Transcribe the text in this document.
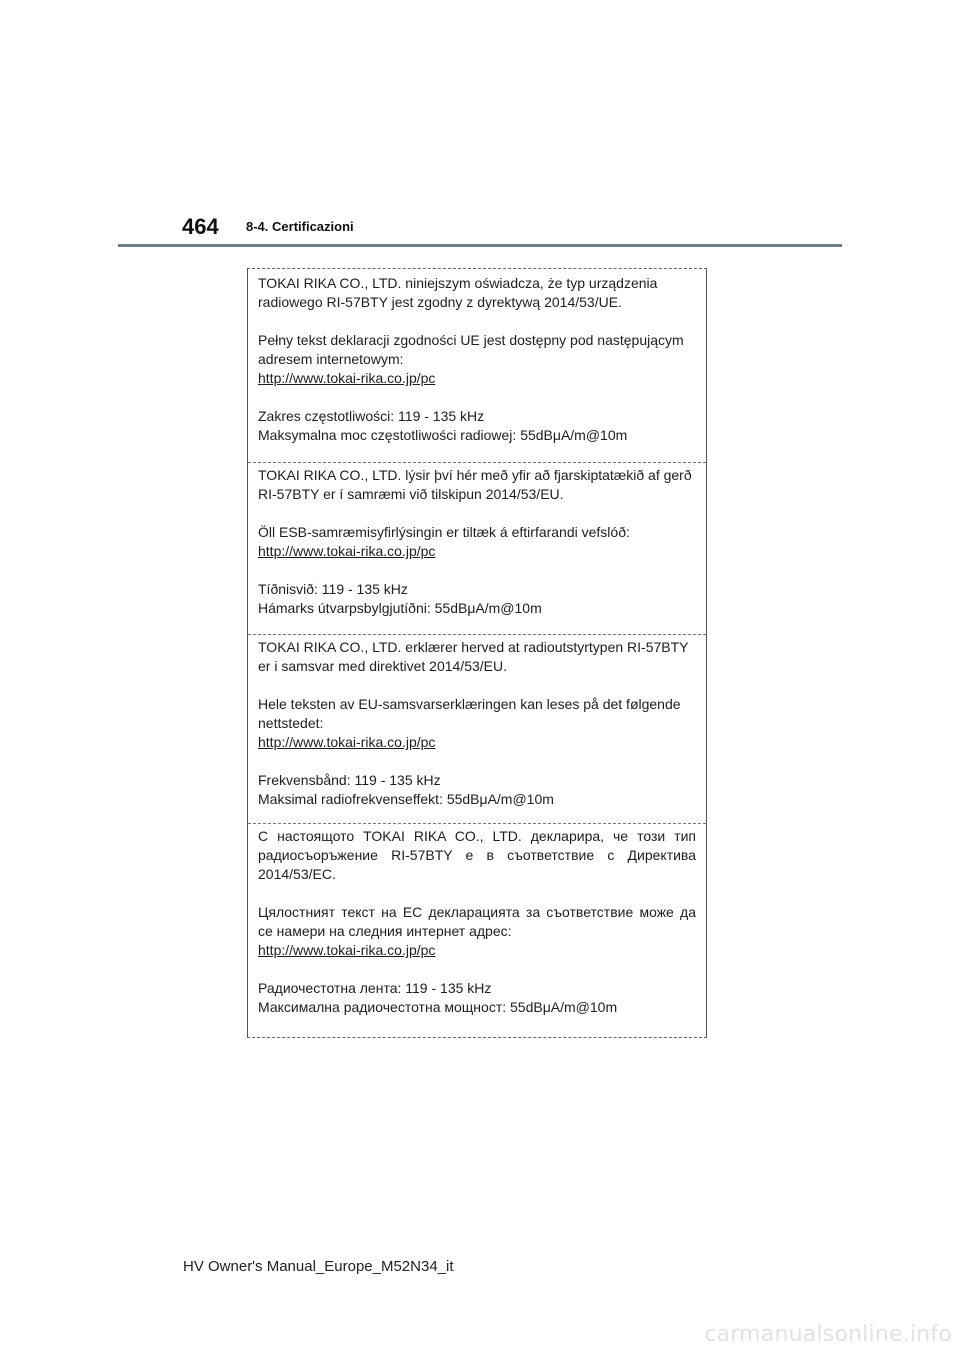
464 8-4. Certificazioni

TOKAI RIKA CO., LTD. niniejszym oświadcza, że typ urządzenia radiowego RI-57BTY jest zgodny z dyrektywą 2014/53/UE.

Pełny tekst deklaracji zgodności UE jest dostępny pod następującym adresem internetowym:

http://www.tokai-rika.co.jp/pc

Zakres częstotliwości: 119 - 135 kHz

Maksymalna moc częstotliwości radiowej: 55dBμA/m@10m

TOKAI RIKA CO., LTD. lýsir því hér með yfir að fjarskiptatækið af gerð RI-57BTY er í samræmi við tilskipun 2014/53/EU.

Öll ESB-samræmisyfirlýsingin er tiltæk á eftirfarandi vefslóð:

http://www.tokai-rika.co.jp/pc

Tíðnisvið: 119 - 135 kHz

Hámarks útvarpsbylgjutíðni: 55dBμA/m@10m

TOKAI RIKA CO., LTD. erklærer herved at radioutstyrtypen RI-57BTY er i samsvar med direktivet 2014/53/EU.

Hele teksten av EU-samsvarserklæringen kan leses på det følgende nettstedet:

http://www.tokai-rika.co.jp/pc

Frekvensbånd: 119 - 135 kHz

Maksimal radiofrekvenseffekt: 55dBμA/m@10m

С настоящото TOKAI RIKA CO., LTD. декларира, че този тип радиосъоръжение RI-57BTY е в съответствие с Директива 2014/53/ЕС.

Цялостният текст на ЕС декларацията за съответствие може да се намери на следния интернет адрес:

http://www.tokai-rika.co.jp/pc

Радиочестотна лента: 119 - 135 kHz

Максимална радиочестотна мощност: 55dBμA/m@10m

HV Owner's Manual_Europe_M52N34_it
carmanualsonline.info
